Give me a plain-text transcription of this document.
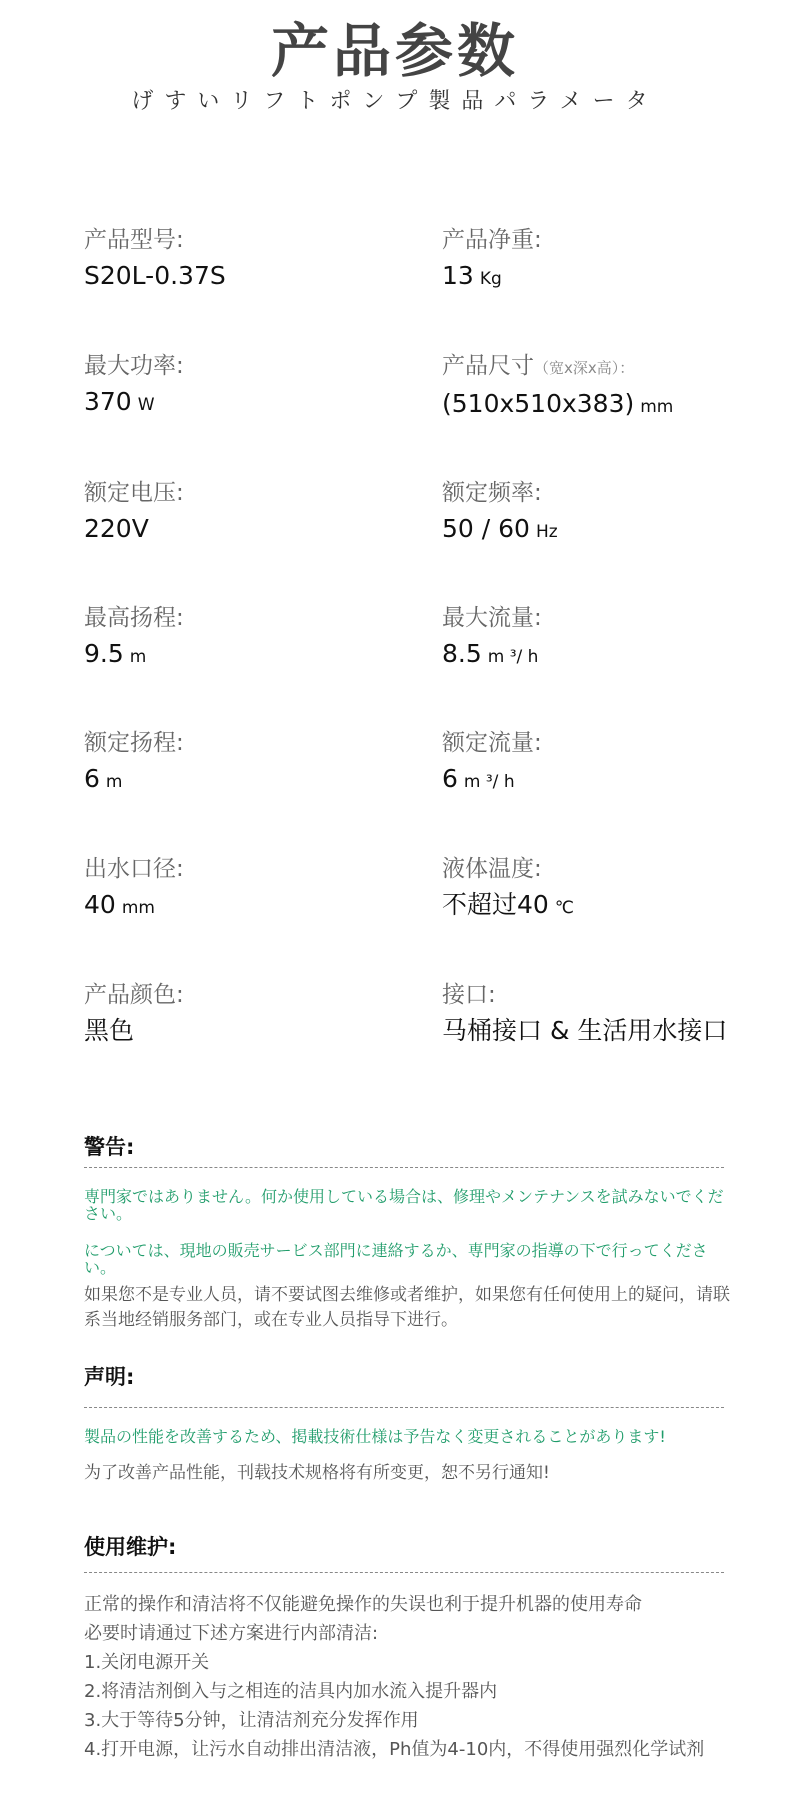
产品参数
げすいリフトポンプ製品パラメータ
产品型号:
S20L-0.37S
产品净重:
13 Kg
最大功率:
370 W
产品尺寸（宽x深x高）：
(510x510x383) mm
额定电压:
220V
额定频率:
50 / 60 Hz
最高扬程:
9.5 m
最大流量:
8.5 m ³/ h
额定扬程:
6 m
额定流量:
6 m ³/ h
出水口径:
40 mm
液体温度:
不超过40 ℃
产品颜色:
黑色
接口:
马桶接口 & 生活用水接口
警告:
専門家ではありません。何か使用している場合は、修理やメンテナンスを試みないでください。
については、現地の販売サービス部門に連絡するか、専門家の指導の下で行ってください。
如果您不是专业人员，请不要试图去维修或者维护，如果您有任何使用上的疑问，请联系当地经销服务部门，或在专业人员指导下进行。
声明:
製品の性能を改善するため、掲載技術仕様は予告なく変更されることがあります!
为了改善产品性能，刊载技术规格将有所变更，恕不另行通知!
使用维护:
正常的操作和清洁将不仅能避免操作的失误也利于提升机器的使用寿命
必要时请通过下述方案进行内部清洁:
1.关闭电源开关
2.将清洁剂倒入与之相连的洁具内加水流入提升器内
3.大于等待5分钟，让清洁剂充分发挥作用
4.打开电源，让污水自动排出清洁液，Ph值为4-10内，不得使用强烈化学试剂
